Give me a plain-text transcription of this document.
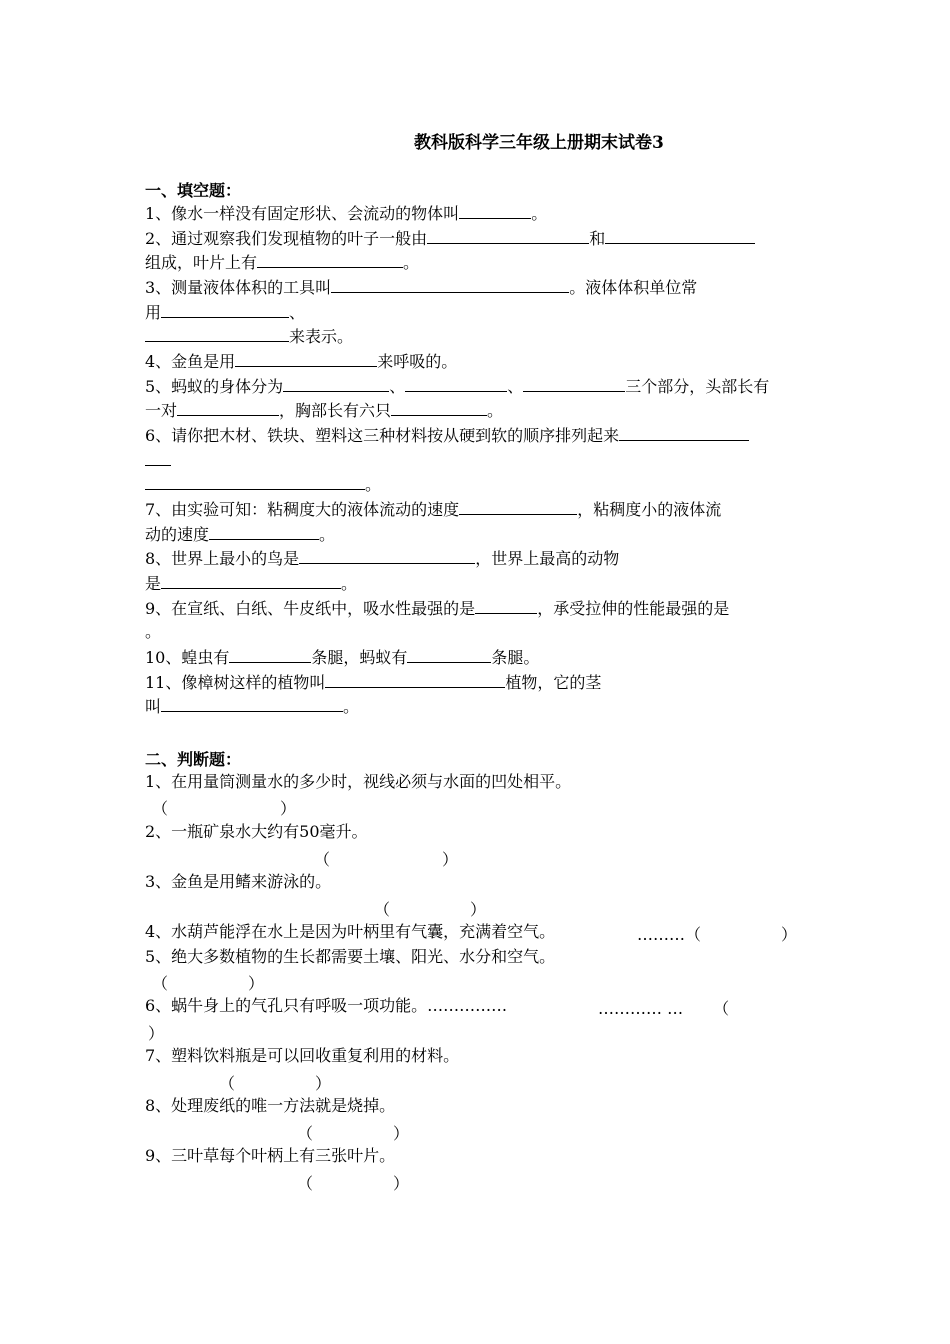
教科版科学三年级上册期末试卷3
一、填空题：
1、像水一样没有固定形状、会流动的物体叫	。
2、通过观察我们发现植物的叶子一般由	和
组成，叶片上有	。
3、测量液体体积的工具叫	。液体体积单位常
用	、
来表示。
4、金鱼是用	来呼吸的。
5、蚂蚁的身体分为	、	、	三个部分，头部长有
一对	，胸部长有六只	。
6、请你把木材、铁块、塑料这三种材料按从硬到软的顺序排列起来
。
7、由实验可知：粘稠度大的液体流动的速度	，粘稠度小的液体流
动的速度	。
8、世界上最小的鸟是	，世界上最高的动物
是	。
9、在宣纸、白纸、牛皮纸中，吸水性最强的是	，承受拉伸的性能最强的是
。
10、蝗虫有	条腿，蚂蚁有	条腿。
11、像樟树这样的植物叫	植物，它的茎
叫	。
二、判断题：
1、在用量筒测量水的多少时，视线必须与水面的凹处相平。
（	）
2、一瓶矿泉水大约有50毫升。
（	）
3、金鱼是用鳍来游泳的。
（	）
4、水葫芦能浮在水上是因为叶柄里有气囊，充满着空气。	………（	）
5、绝大多数植物的生长都需要土壤、阳光、水分和空气。
（	）
6、蜗牛身上的气孔只有呼吸一项功能。……………	………… … （
）
7、塑料饮料瓶是可以回收重复利用的材料。
（	）
8、处理废纸的唯一方法就是烧掉。
（	）
9、三叶草每个叶柄上有三张叶片。
（	）
